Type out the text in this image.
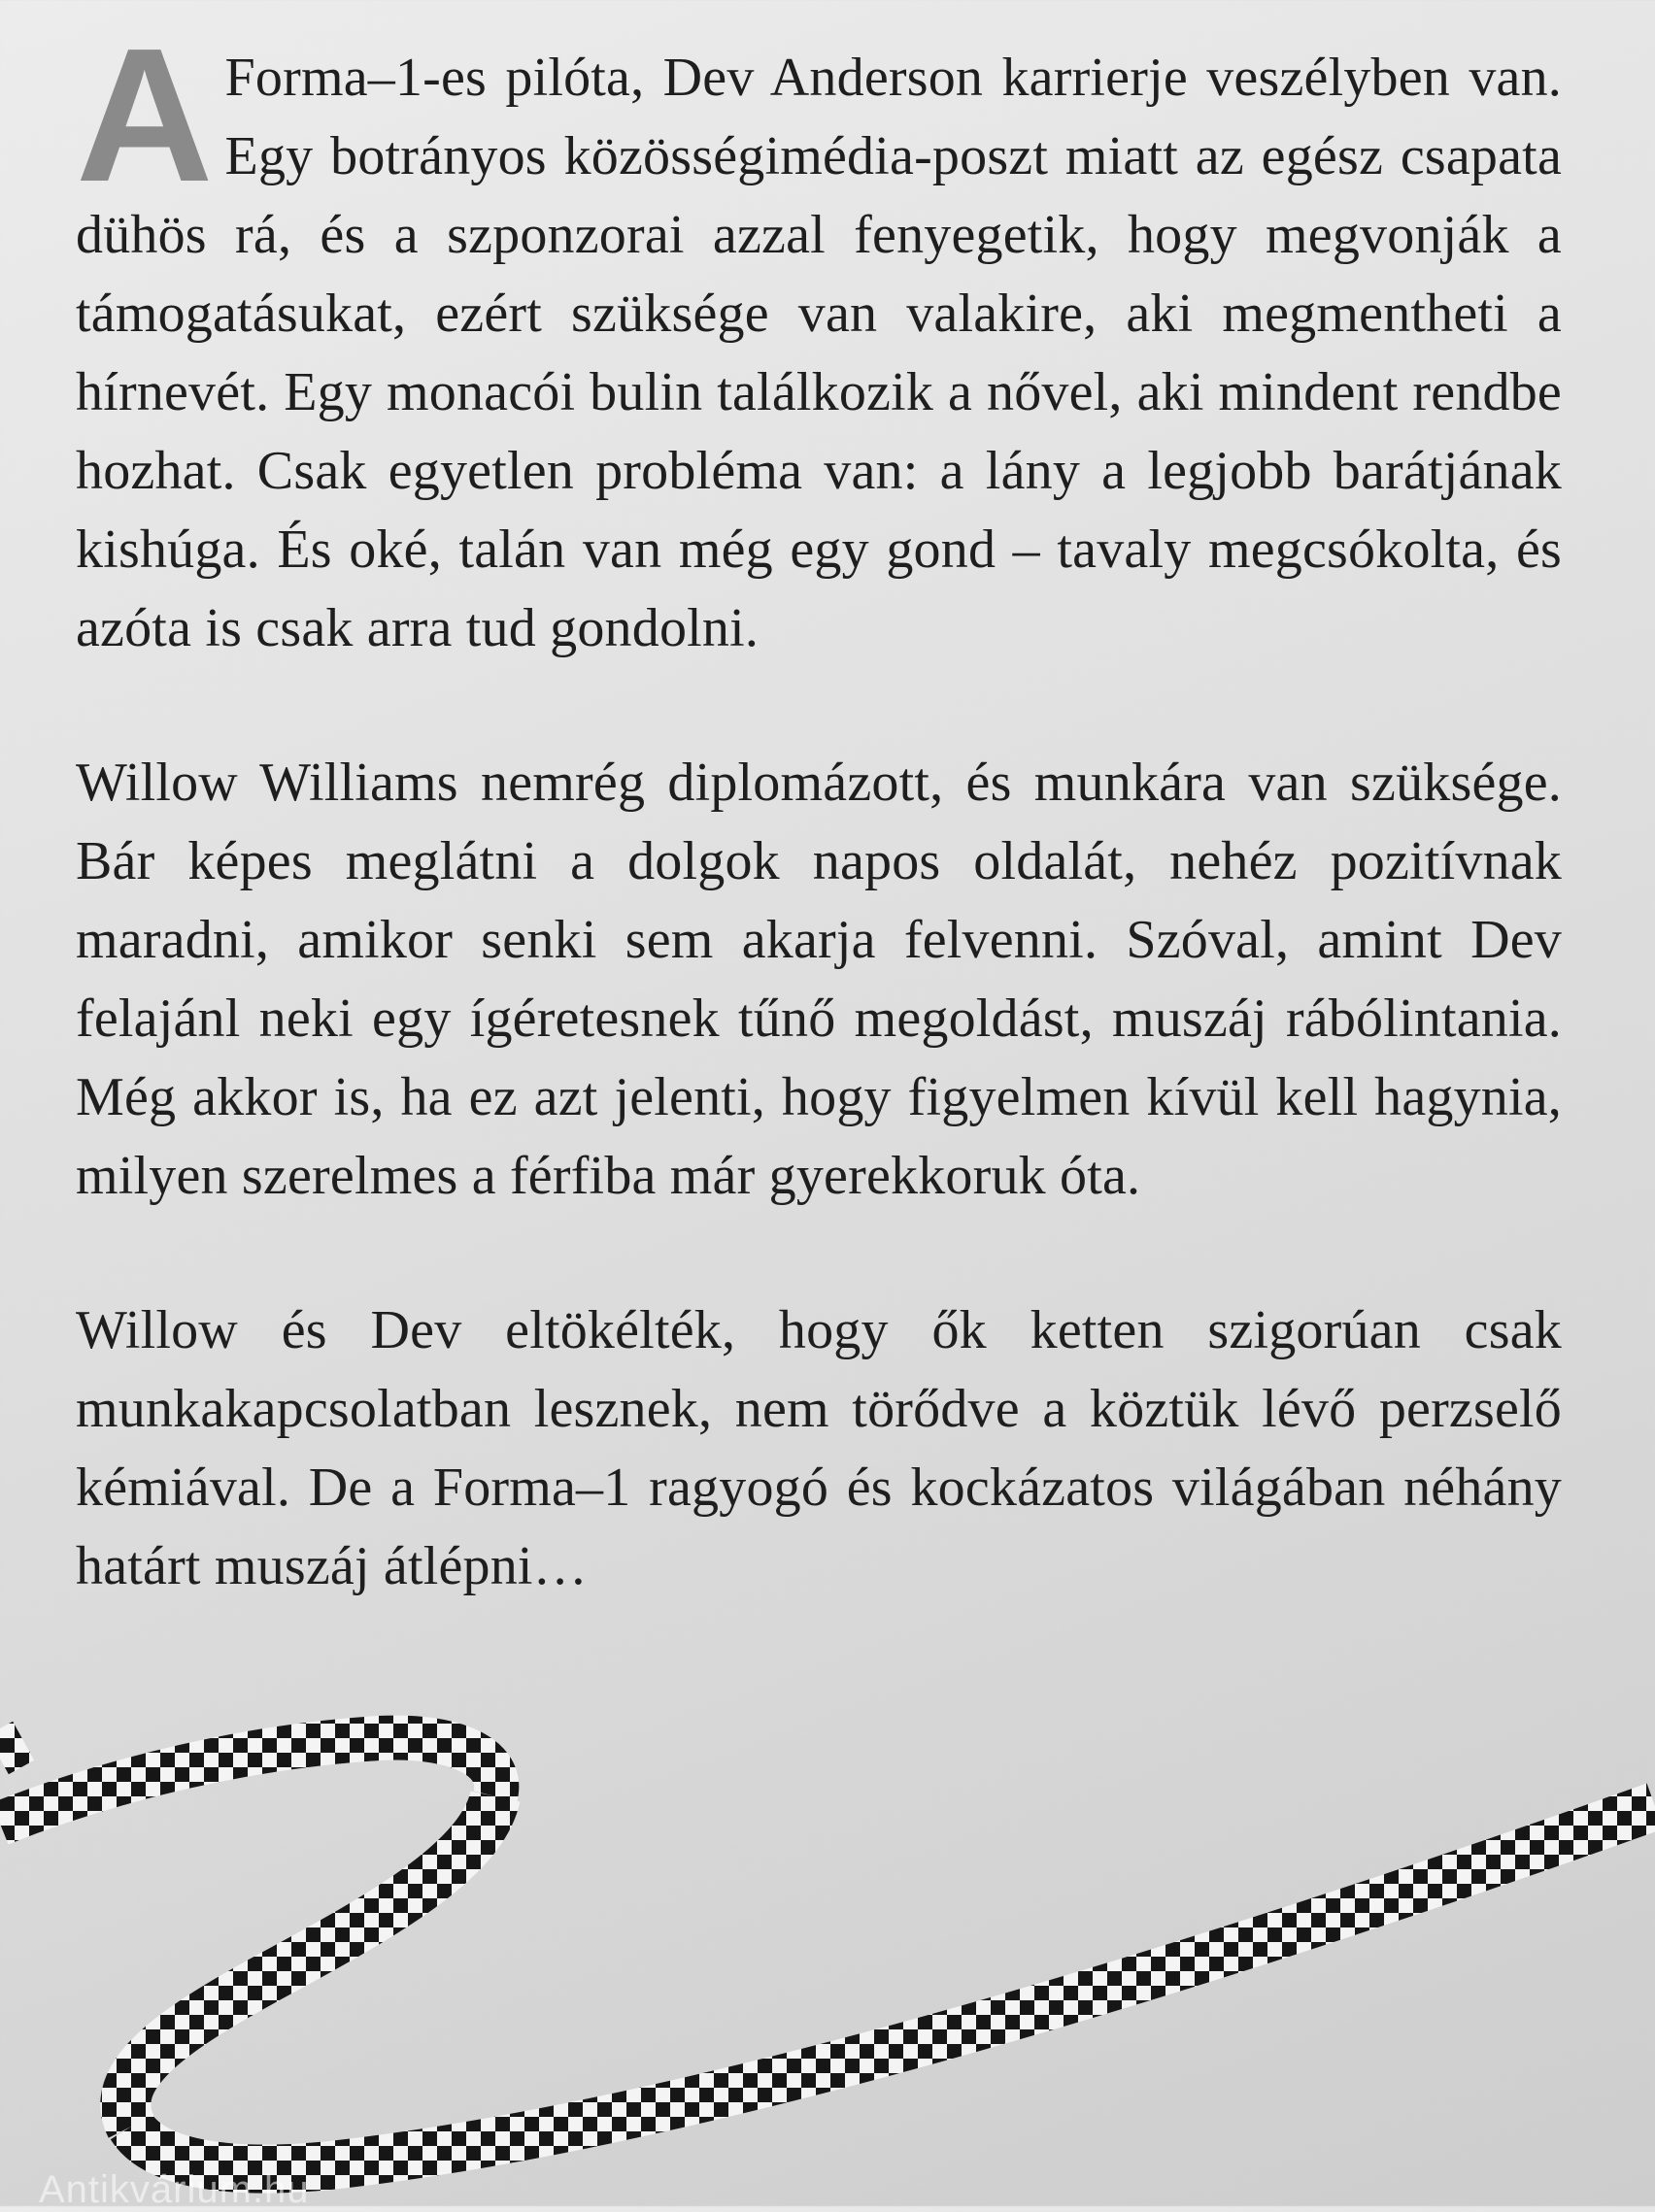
A Forma–1-es pilóta, Dev Anderson karrierje veszélyben van. Egy botrányos közösségimédia-poszt miatt az egész csapata dühös rá, és a szponzorai azzal fenyegetik, hogy megvonják a támogatásukat, ezért szüksége van valakire, aki megmentheti a hírnevét. Egy monacói bulin találkozik a nővel, aki mindent rendbe hozhat. Csak egyetlen probléma van: a lány a legjobb barátjának kishúga. És oké, talán van még egy gond – tavaly megcsókolta, és azóta is csak arra tud gondolni.

Willow Williams nemrég diplomázott, és munkára van szüksége. Bár képes meglátni a dolgok napos oldalát, nehéz pozitívnak maradni, amikor senki sem akarja felvenni. Szóval, amint Dev felajánl neki egy ígéretesnek tűnő megoldást, muszáj rábólintania. Még akkor is, ha ez azt jelenti, hogy figyelmen kívül kell hagynia, milyen szerelmes a férfiba már gyerekkoruk óta.

Willow és Dev eltökélték, hogy ők ketten szigorúan csak munkakapcsolatban lesznek, nem törődve a köztük lévő perzselő kémiával. De a Forma–1 ragyogó és kockázatos világában néhány határt muszáj átlépni…

Antikvárium.hu
